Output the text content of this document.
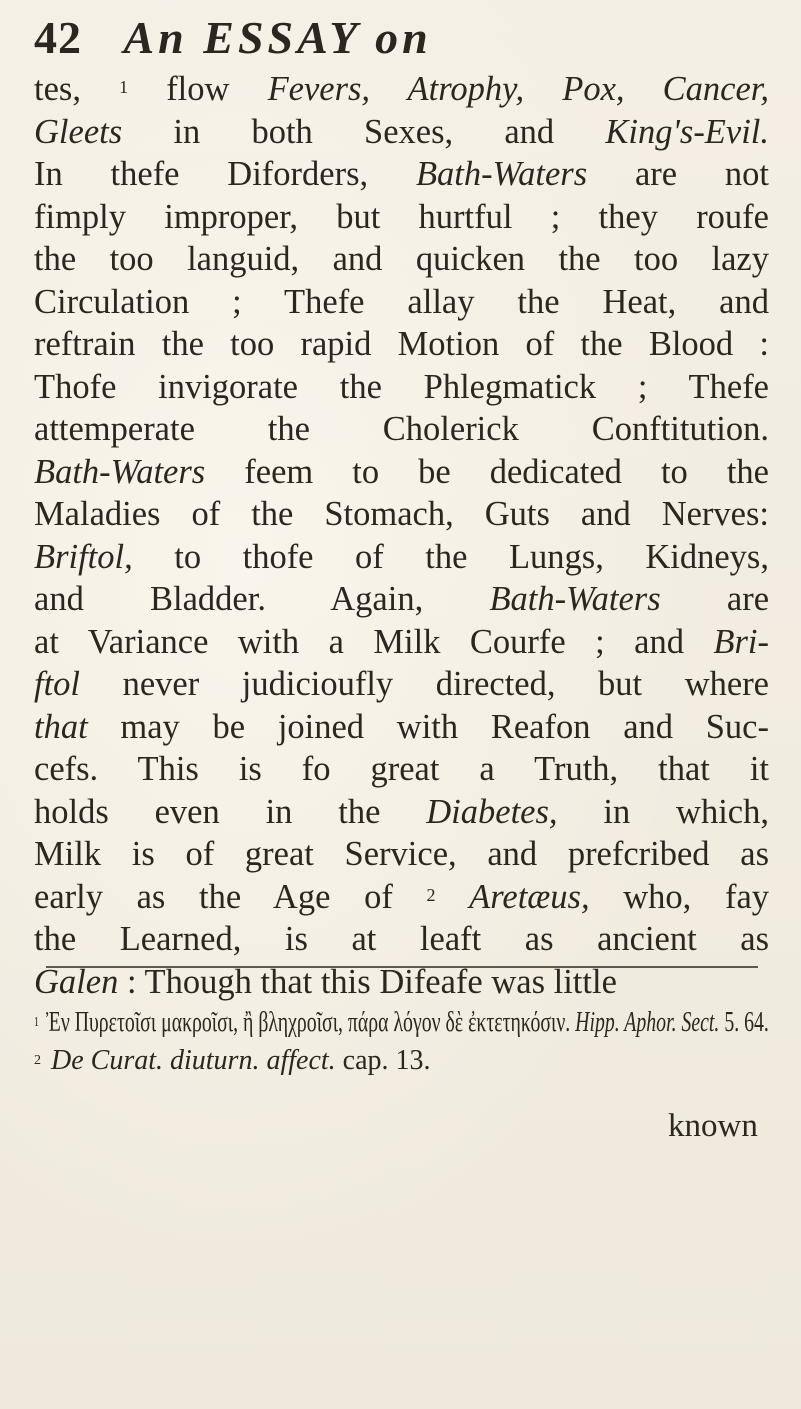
42 An ESSAY on
tes, $^1$ flow Fevers, Atrophy, Pox, Cancer,
Gleets in both Sexes, and King's-Evil.
In thefe Diforders, Bath-Waters are not
fimply improper, but hurtful ; they roufe
the too languid, and quicken the too lazy
Circulation ; Thefe allay the Heat, and
reftrain the too rapid Motion of the Blood :
Thofe invigorate the Phlegmatick ; Thefe
attemperate the Cholerick Conftitution.
Bath-Waters feem to be dedicated to the
Maladies of the Stomach, Guts and Nerves:
Briftol, to thofe of the Lungs, Kidneys,
and Bladder. Again, Bath-Waters are
at Variance with a Milk Courfe ; and Bri-
ftol never judicioufly directed, but where
that may be joined with Reafon and Suc-
cefs. This is fo great a Truth, that it
holds even in the Diabetes, in which,
Milk is of great Service, and prefcribed as
early as the Age of $^2$ Aretæus, who, fay
the Learned, is at leaft as ancient as
Galen : Though that this Difeafe was little
$^1$ Ἐν Πυρετοῖσι μακροῖσι, ἢ βληχροῖσι, πάρα λόγον δὲ ἐκτετηκόσιν. Hipp. Aphor. Sect. 5. 64.
$^2$ De Curat. diuturn. affect. cap. 13.
known
